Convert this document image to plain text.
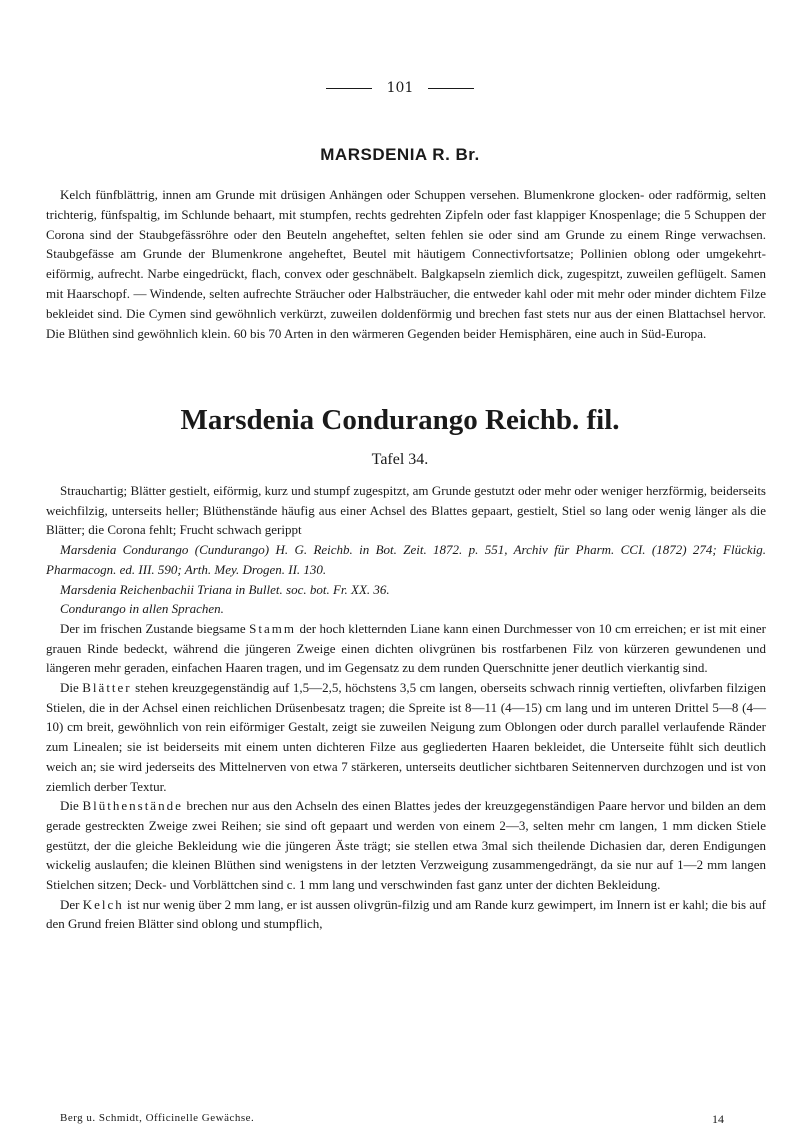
101
MARSDENIA R. Br.

Kelch fünfblättrig, innen am Grunde mit drüsigen Anhängen oder Schuppen versehen. Blumenkrone glocken- oder radförmig, selten trichterig, fünfspaltig, im Schlunde behaart, mit stumpfen, rechts gedrehten Zipfeln oder fast klappiger Knospenlage; die 5 Schuppen der Corona sind der Staubgefässröhre oder den Beuteln angeheftet, selten fehlen sie oder sind am Grunde zu einem Ringe verwachsen. Staubgefässe am Grunde der Blumenkrone angeheftet, Beutel mit häutigem Connectivfortsatze; Pollinien oblong oder umgekehrt-eiförmig, aufrecht. Narbe eingedrückt, flach, convex oder geschnäbelt. Balgkapseln ziemlich dick, zugespitzt, zuweilen geflügelt. Samen mit Haarschopf. — Windende, selten aufrechte Sträucher oder Halbsträucher, die entweder kahl oder mit mehr oder minder dichtem Filze bekleidet sind. Die Cymen sind gewöhnlich verkürzt, zuweilen doldenförmig und brechen fast stets nur aus der einen Blattachsel hervor. Die Blüthen sind gewöhnlich klein. 60 bis 70 Arten in den wärmeren Gegenden beider Hemisphären, eine auch in Süd-Europa.

Marsdenia Condurango Reichb. fil.
Tafel 34.

Strauchartig; Blätter gestielt, eiförmig, kurz und stumpf zugespitzt, am Grunde gestutzt oder mehr oder weniger herzförmig, beiderseits weichfilzig, unterseits heller; Blüthenstände häufig aus einer Achsel des Blattes gepaart, gestielt, Stiel so lang oder wenig länger als die Blätter; die Corona fehlt; Frucht schwach gerippt

Marsdenia Condurango (Cundurango) H. G. Reichb. in Bot. Zeit. 1872. p. 551, Archiv für Pharm. CCI. (1872) 274; Flückig. Pharmacogn. ed. III. 590; Arth. Mey. Drogen. II. 130.

Marsdenia Reichenbachii Triana in Bullet. soc. bot. Fr. XX. 36.

Condurango in allen Sprachen.

Der im frischen Zustande biegsame Stamm der hoch kletternden Liane kann einen Durchmesser von 10 cm erreichen; er ist mit einer grauen Rinde bedeckt, während die jüngeren Zweige einen dichten olivgrünen bis rostfarbenen Filz von kürzeren gewundenen und längeren mehr geraden, einfachen Haaren tragen, und im Gegensatz zu dem runden Querschnitte jener deutlich vierkantig sind.

Die Blätter stehen kreuzgegenständig auf 1,5—2,5, höchstens 3,5 cm langen, oberseits schwach rinnig vertieften, olivfarben filzigen Stielen, die in der Achsel einen reichlichen Drüsenbesatz tragen; die Spreite ist 8—11 (4—15) cm lang und im unteren Drittel 5—8 (4—10) cm breit, gewöhnlich von rein eiförmiger Gestalt, zeigt sie zuweilen Neigung zum Oblongen oder durch parallel verlaufende Ränder zum Linealen; sie ist beiderseits mit einem unten dichteren Filze aus gegliederten Haaren bekleidet, die Unterseite fühlt sich deutlich weich an; sie wird jederseits des Mittelnerven von etwa 7 stärkeren, unterseits deutlicher sichtbaren Seitennerven durchzogen und ist von ziemlich derber Textur.

Die Blüthenstände brechen nur aus den Achseln des einen Blattes jedes der kreuzgegenständigen Paare hervor und bilden an dem gerade gestreckten Zweige zwei Reihen; sie sind oft gepaart und werden von einem 2—3, selten mehr cm langen, 1 mm dicken Stiele gestützt, der die gleiche Bekleidung wie die jüngeren Äste trägt; sie stellen etwa 3mal sich theilende Dichasien dar, deren Endigungen wickelig auslaufen; die kleinen Blüthen sind wenigstens in der letzten Verzweigung zusammengedrängt, da sie nur auf 1—2 mm langen Stielchen sitzen; Deck- und Vorblättchen sind c. 1 mm lang und verschwinden fast ganz unter der dichten Bekleidung.

Der Kelch ist nur wenig über 2 mm lang, er ist aussen olivgrün-filzig und am Rande kurz gewimpert, im Innern ist er kahl; die bis auf den Grund freien Blätter sind oblong und stumpflich,

Berg u. Schmidt, Officinelle Gewächse.	14
